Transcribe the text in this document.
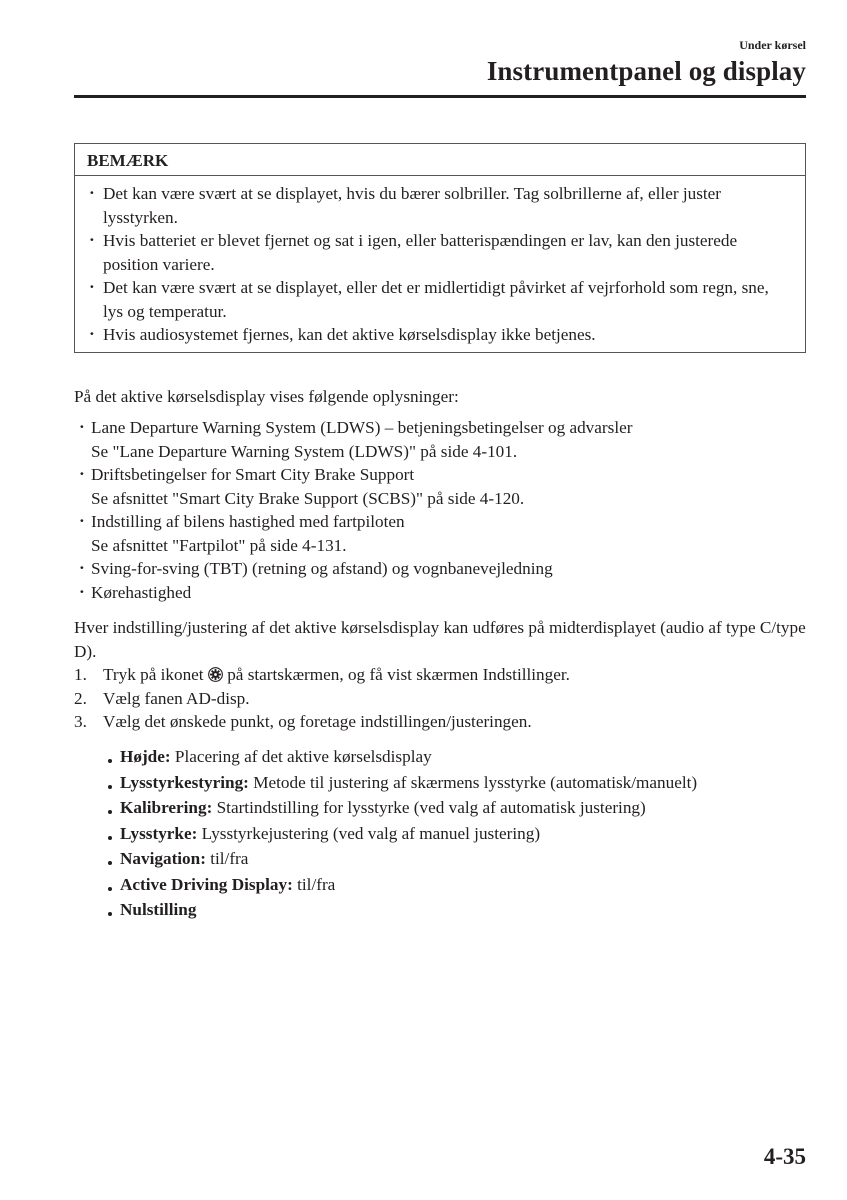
Under kørsel
Instrumentpanel og display
BEMÆRK
· Det kan være svært at se displayet, hvis du bærer solbriller. Tag solbrillerne af, eller juster lysstyrken.
· Hvis batteriet er blevet fjernet og sat i igen, eller batterispændingen er lav, kan den justerede position variere.
· Det kan være svært at se displayet, eller det er midlertidigt påvirket af vejrforhold som regn, sne, lys og temperatur.
· Hvis audiosystemet fjernes, kan det aktive kørselsdisplay ikke betjenes.
På det aktive kørselsdisplay vises følgende oplysninger:
· Lane Departure Warning System (LDWS) – betjeningsbetingelser og advarsler
Se "Lane Departure Warning System (LDWS)" på side 4-101.
· Driftsbetingelser for Smart City Brake Support
Se afsnittet "Smart City Brake Support (SCBS)" på side 4-120.
· Indstilling af bilens hastighed med fartpiloten
Se afsnittet "Fartpilot" på side 4-131.
· Sving-for-sving (TBT) (retning og afstand) og vognbanevejledning
· Kørehastighed
Hver indstilling/justering af det aktive kørselsdisplay kan udføres på midterdisplayet (audio af type C/type D).
1. Tryk på ikonet på startskærmen, og få vist skærmen Indstillinger.
2. Vælg fanen AD-disp.
3. Vælg det ønskede punkt, og foretage indstillingen/justeringen.
Højde: Placering af det aktive kørselsdisplay
Lysstyrkestyring: Metode til justering af skærmens lysstyrke (automatisk/manuelt)
Kalibrering: Startindstilling for lysstyrke (ved valg af automatisk justering)
Lysstyrke: Lysstyrkejustering (ved valg af manuel justering)
Navigation: til/fra
Active Driving Display: til/fra
Nulstilling
4-35
